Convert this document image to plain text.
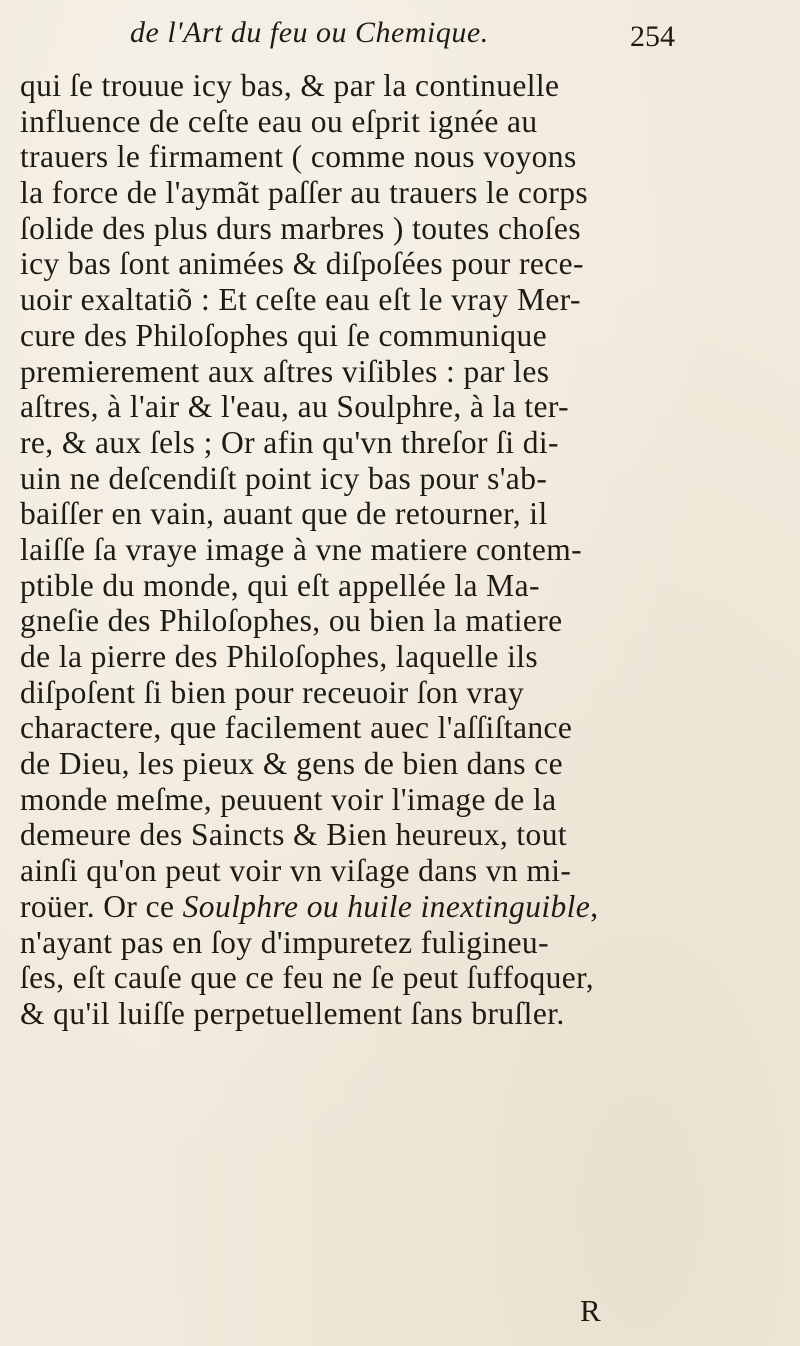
de l'Art du feu ou Chemique.	254
qui ſe trouue icy bas, & par la continuelle
influence de ceſte eau ou eſprit ignée au
trauers le firmament ( comme nous voyons
la force de l'aymãt paſſer au trauers le corps
ſolide des plus durs marbres ) toutes choſes
icy bas ſont animées & diſpoſées pour rece-
uoir exaltatiõ : Et ceſte eau eſt le vray Mer-
cure des Philoſophes qui ſe communique
premierement aux aſtres viſibles : par les
aſtres, à l'air & l'eau, au Soulphre, à la ter-
re, & aux ſels ; Or afin qu'vn threſor ſi di-
uin ne deſcendiſt point icy bas pour s'ab-
baiſſer en vain, auant que de retourner, il
laiſſe ſa vraye image à vne matiere contem-
ptible du monde, qui eſt appellée la Ma-
gneſie des Philoſophes, ou bien la matiere
de la pierre des Philoſophes, laquelle ils
diſpoſent ſi bien pour receuoir ſon vray
charactere, que facilement auec l'aſſiſtance
de Dieu, les pieux & gens de bien dans ce
monde meſme, peuuent voir l'image de la
demeure des Saincts & Bien heureux, tout
ainſi qu'on peut voir vn viſage dans vn mi-
roüer. Or ce Soulphre ou huile inextinguible,
n'ayant pas en ſoy d'impuretez fuligineu-
ſes, eſt cauſe que ce feu ne ſe peut ſuffoquer,
& qu'il luiſſe perpetuellement ſans bruſler.
R
